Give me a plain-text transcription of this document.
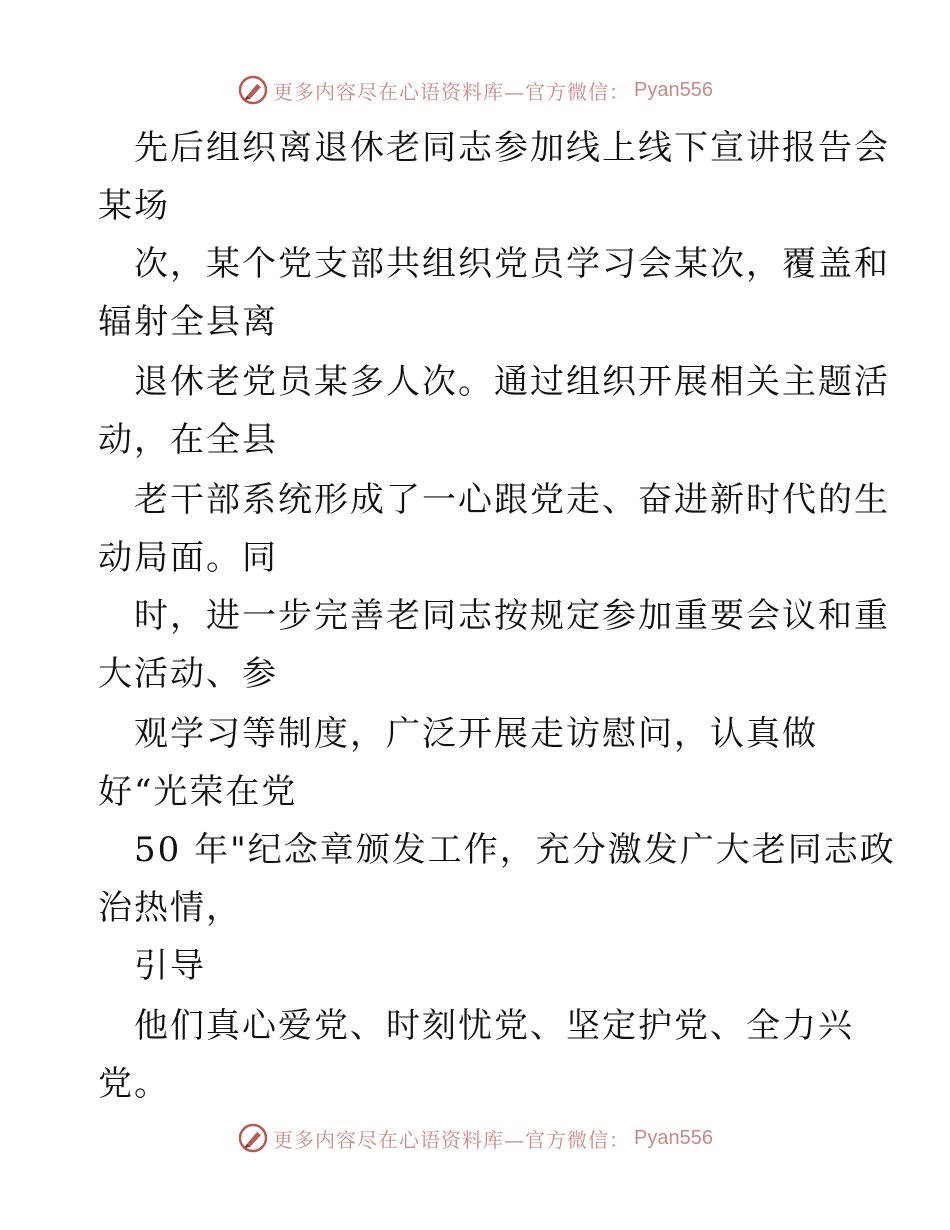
更多内容尽在心语资料库—官方微信： Pyan556
先后组织离退休老同志参加线上线下宣讲报告会
某场
次，某个党支部共组织党员学习会某次，覆盖和
辐射全县离
退休老党员某多人次。通过组织开展相关主题活
动，在全县
老干部系统形成了一心跟党走、奋进新时代的生
动局面。同
时，进一步完善老同志按规定参加重要会议和重
大活动、参
观学习等制度，广泛开展走访慰问，认真做
好“光荣在党
50 年"纪念章颁发工作，充分激发广大老同志政
治热情，
引导
他们真心爱党、时刻忧党、坚定护党、全力兴
党。
更多内容尽在心语资料库—官方微信： Pyan556
